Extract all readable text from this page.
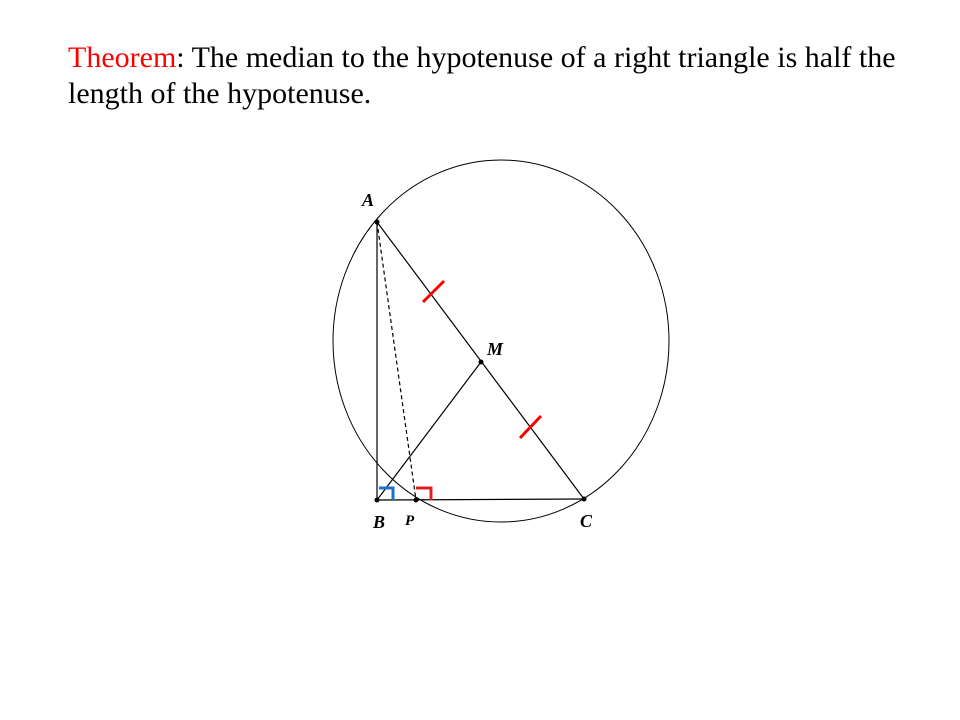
Theorem: The median to the hypotenuse of a right triangle is half the length of the hypotenuse.

A
B	C
M
P
